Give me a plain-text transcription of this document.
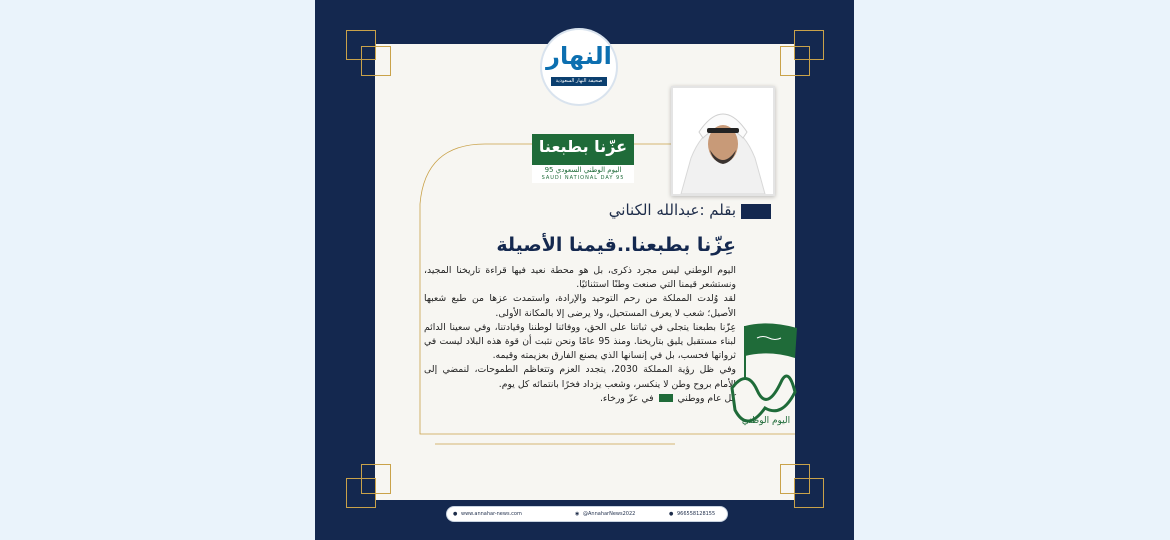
النهار
صحيفة النهار السعودية
عزّنا بطبعنا
اليوم الوطني السعودي 95
SAUDI NATIONAL DAY 95
بقلم :عبدالله الكناني
عِزّنا بطبعنا..قيمنا الأصيلة

اليوم الوطني ليس مجرد ذكرى، بل هو محطة نعيد فيها قراءة تاريخنا المجيد، ونستشعر قيمنا التي صنعت وطنًا استثنائيًا.

لقد وُلدت المملكة من رحم التوحيد والإرادة، واستمدت عزها من طبع شعبها الأصيل؛ شعب لا يعرف المستحيل، ولا يرضى إلا بالمكانة الأولى.

عِزّنا بطبعنا يتجلى في ثباتنا على الحق، ووفائنا لوطننا وقيادتنا، وفي سعينا الدائم لبناء مستقبل يليق بتاريخنا. ومنذ 95 عامًا ونحن نثبت أن قوة هذه البلاد ليست في ثرواتها فحسب، بل في إنسانها الذي يصنع الفارق بعزيمته وقيمه.

وفي ظل رؤية المملكة 2030، يتجدد العزم وتتعاظم الطموحات، لنمضي إلى الأمام بروح وطن لا ينكسر، وشعب يزداد فخرًا بانتمائه كل يوم.

كل عام ووطني  في عزّ ورخاء.

اليوم الوطني
● www.annahar-news.com	◉ @AnnaharNews2022	● 966558128155
